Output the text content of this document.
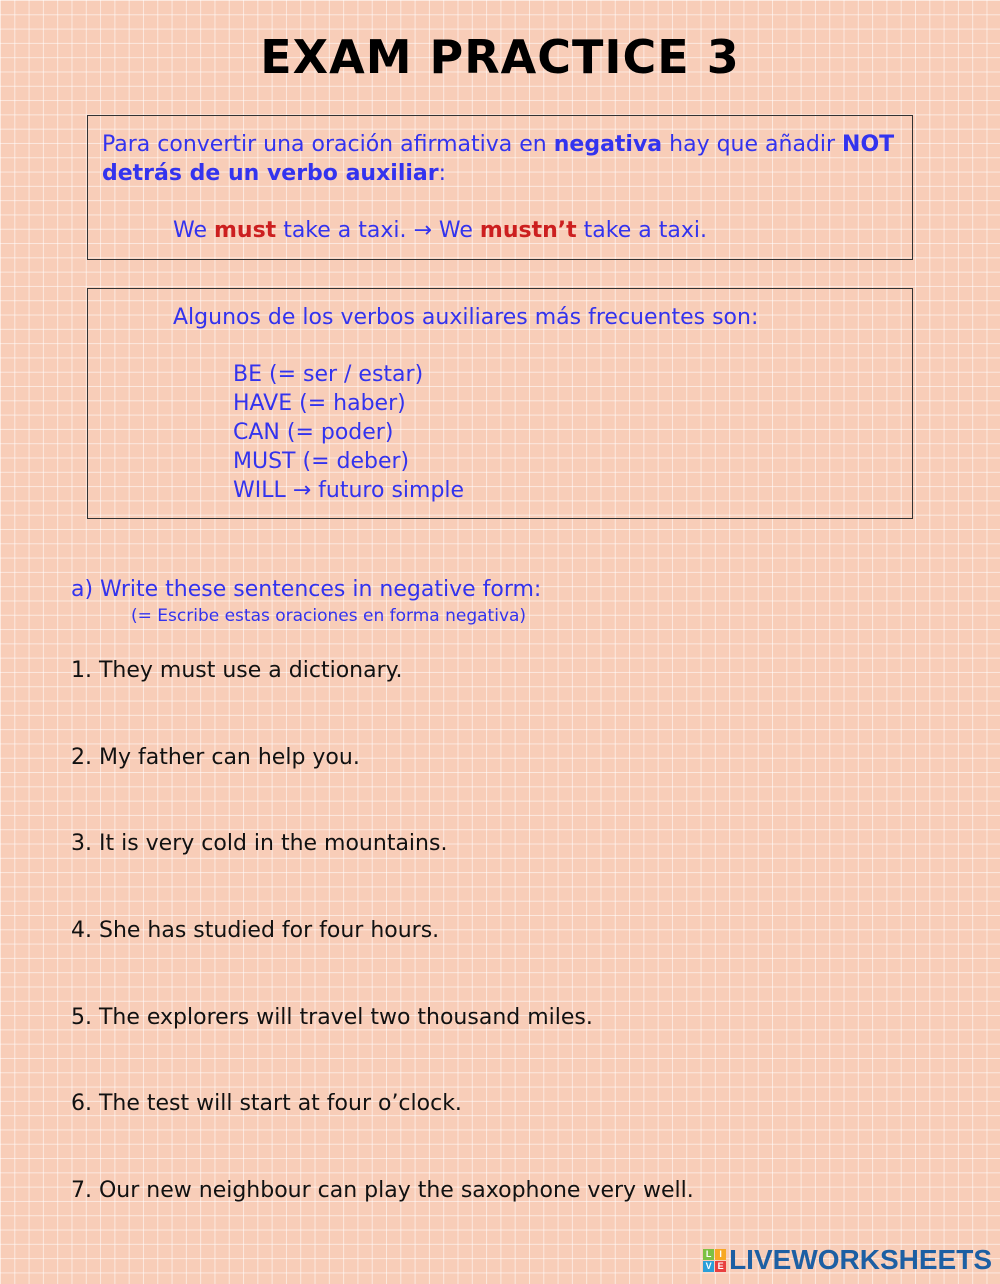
EXAM PRACTICE 3
Para convertir una oración afirmativa en negativa hay que añadir NOT detrás de un verbo auxiliar:
We must take a taxi. → We mustn’t take a taxi.
Algunos de los verbos auxiliares más frecuentes son:
BE (= ser / estar)
HAVE (= haber)
CAN (= poder)
MUST (= deber)
WILL → futuro simple
a) Write these sentences in negative form:
(= Escribe estas oraciones en forma negativa)
1. They must use a dictionary.
2. My father can help you.
3. It is very cold in the mountains.
4. She has studied for four hours.
5. The explorers will travel two thousand miles.
6. The test will start at four o’clock.
7. Our new neighbour can play the saxophone very well.
L I
V E LIVEWORKSHEETS
